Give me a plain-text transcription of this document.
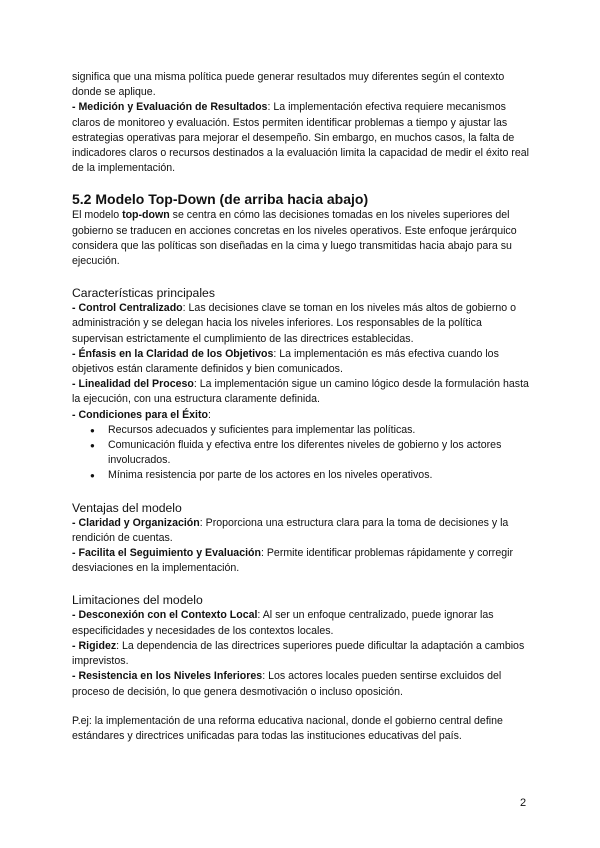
significa que una misma política puede generar resultados muy diferentes según el contexto donde se aplique.

- Medición y Evaluación de Resultados: La implementación efectiva requiere mecanismos claros de monitoreo y evaluación. Estos permiten identificar problemas a tiempo y ajustar las estrategias operativas para mejorar el desempeño. Sin embargo, en muchos casos, la falta de indicadores claros o recursos destinados a la evaluación limita la capacidad de medir el éxito real de la implementación.

5.2 Modelo Top-Down (de arriba hacia abajo)

El modelo top-down se centra en cómo las decisiones tomadas en los niveles superiores del gobierno se traducen en acciones concretas en los niveles operativos. Este enfoque jerárquico considera que las políticas son diseñadas en la cima y luego transmitidas hacia abajo para su ejecución.

Características principales

- Control Centralizado: Las decisiones clave se toman en los niveles más altos de gobierno o administración y se delegan hacia los niveles inferiores. Los responsables de la política supervisan estrictamente el cumplimiento de las directrices establecidas.

- Énfasis en la Claridad de los Objetivos: La implementación es más efectiva cuando los objetivos están claramente definidos y bien comunicados.

- Linealidad del Proceso: La implementación sigue un camino lógico desde la formulación hasta la ejecución, con una estructura claramente definida.

- Condiciones para el Éxito:

● Recursos adecuados y suficientes para implementar las políticas.
● Comunicación fluida y efectiva entre los diferentes niveles de gobierno y los actores involucrados.
● Mínima resistencia por parte de los actores en los niveles operativos.
Ventajas del modelo

- Claridad y Organización: Proporciona una estructura clara para la toma de decisiones y la rendición de cuentas.

- Facilita el Seguimiento y Evaluación: Permite identificar problemas rápidamente y corregir desviaciones en la implementación.

Limitaciones del modelo

- Desconexión con el Contexto Local: Al ser un enfoque centralizado, puede ignorar las especificidades y necesidades de los contextos locales.

- Rigidez: La dependencia de las directrices superiores puede dificultar la adaptación a cambios imprevistos.

- Resistencia en los Niveles Inferiores: Los actores locales pueden sentirse excluidos del proceso de decisión, lo que genera desmotivación o incluso oposición.

P.ej: la implementación de una reforma educativa nacional, donde el gobierno central define estándares y directrices unificadas para todas las instituciones educativas del país.

2
